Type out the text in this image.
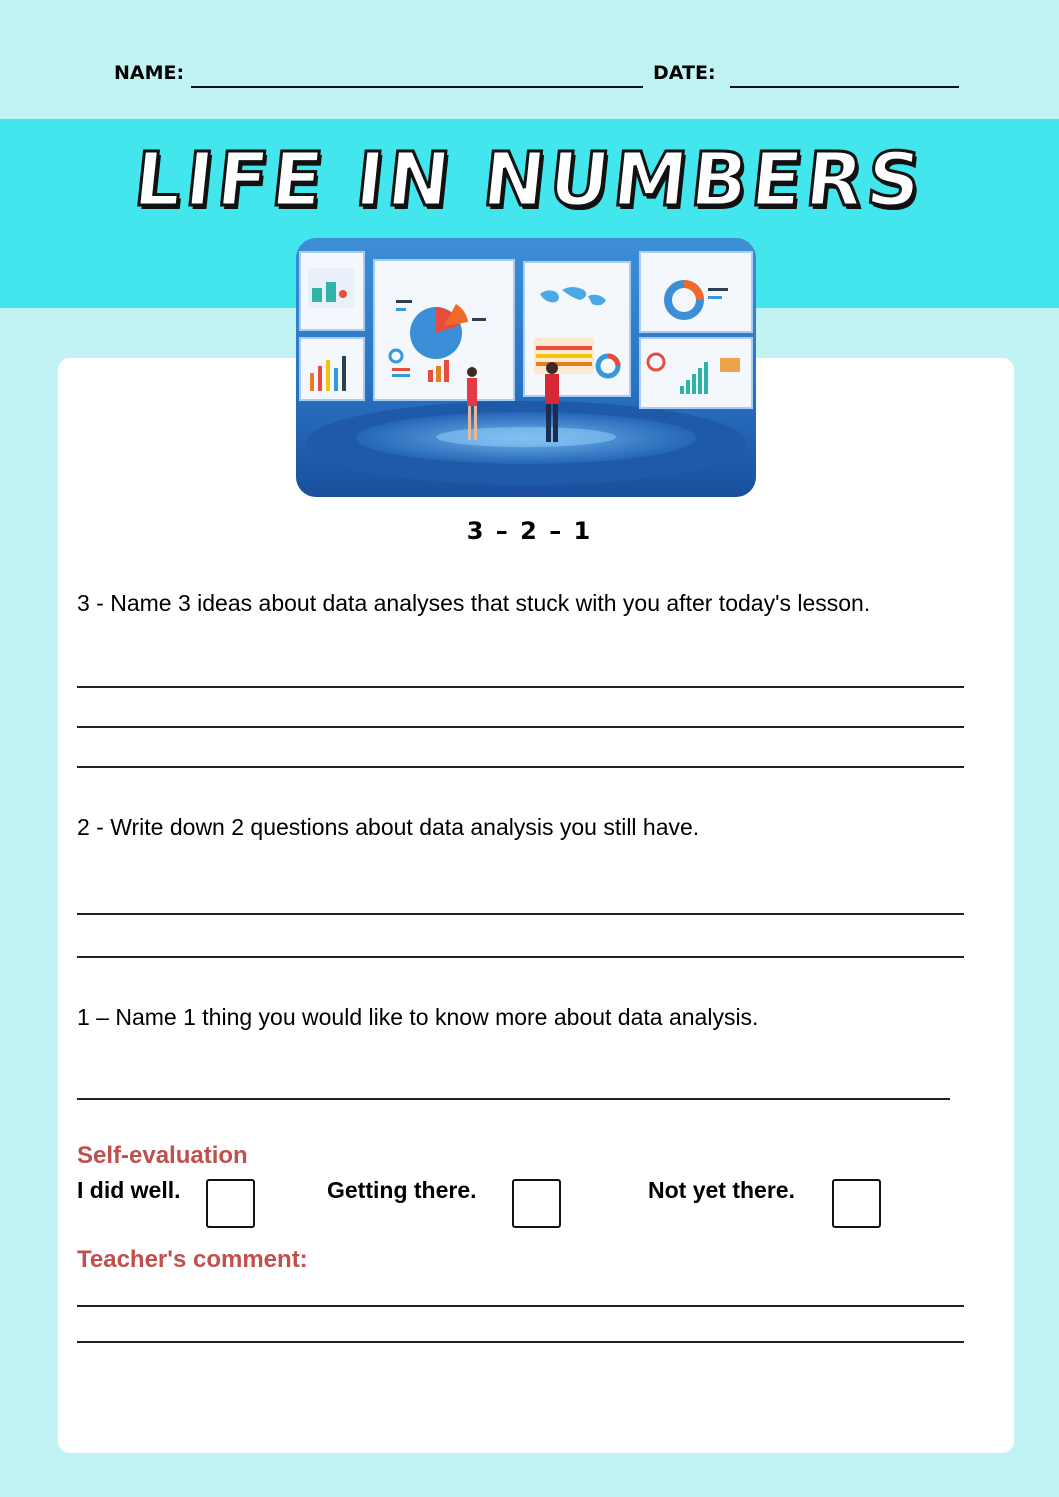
NAME:	DATE:
LIFE IN NUMBERS
3 – 2 – 1
3 - Name 3 ideas about data analyses that stuck with you after today's lesson.
2 - Write down 2 questions about data analysis you still have.
1 – Name 1 thing you would like to know more about data analysis.
Self-evaluation
I did well.	Getting there.	Not yet there.
Teacher's comment:
